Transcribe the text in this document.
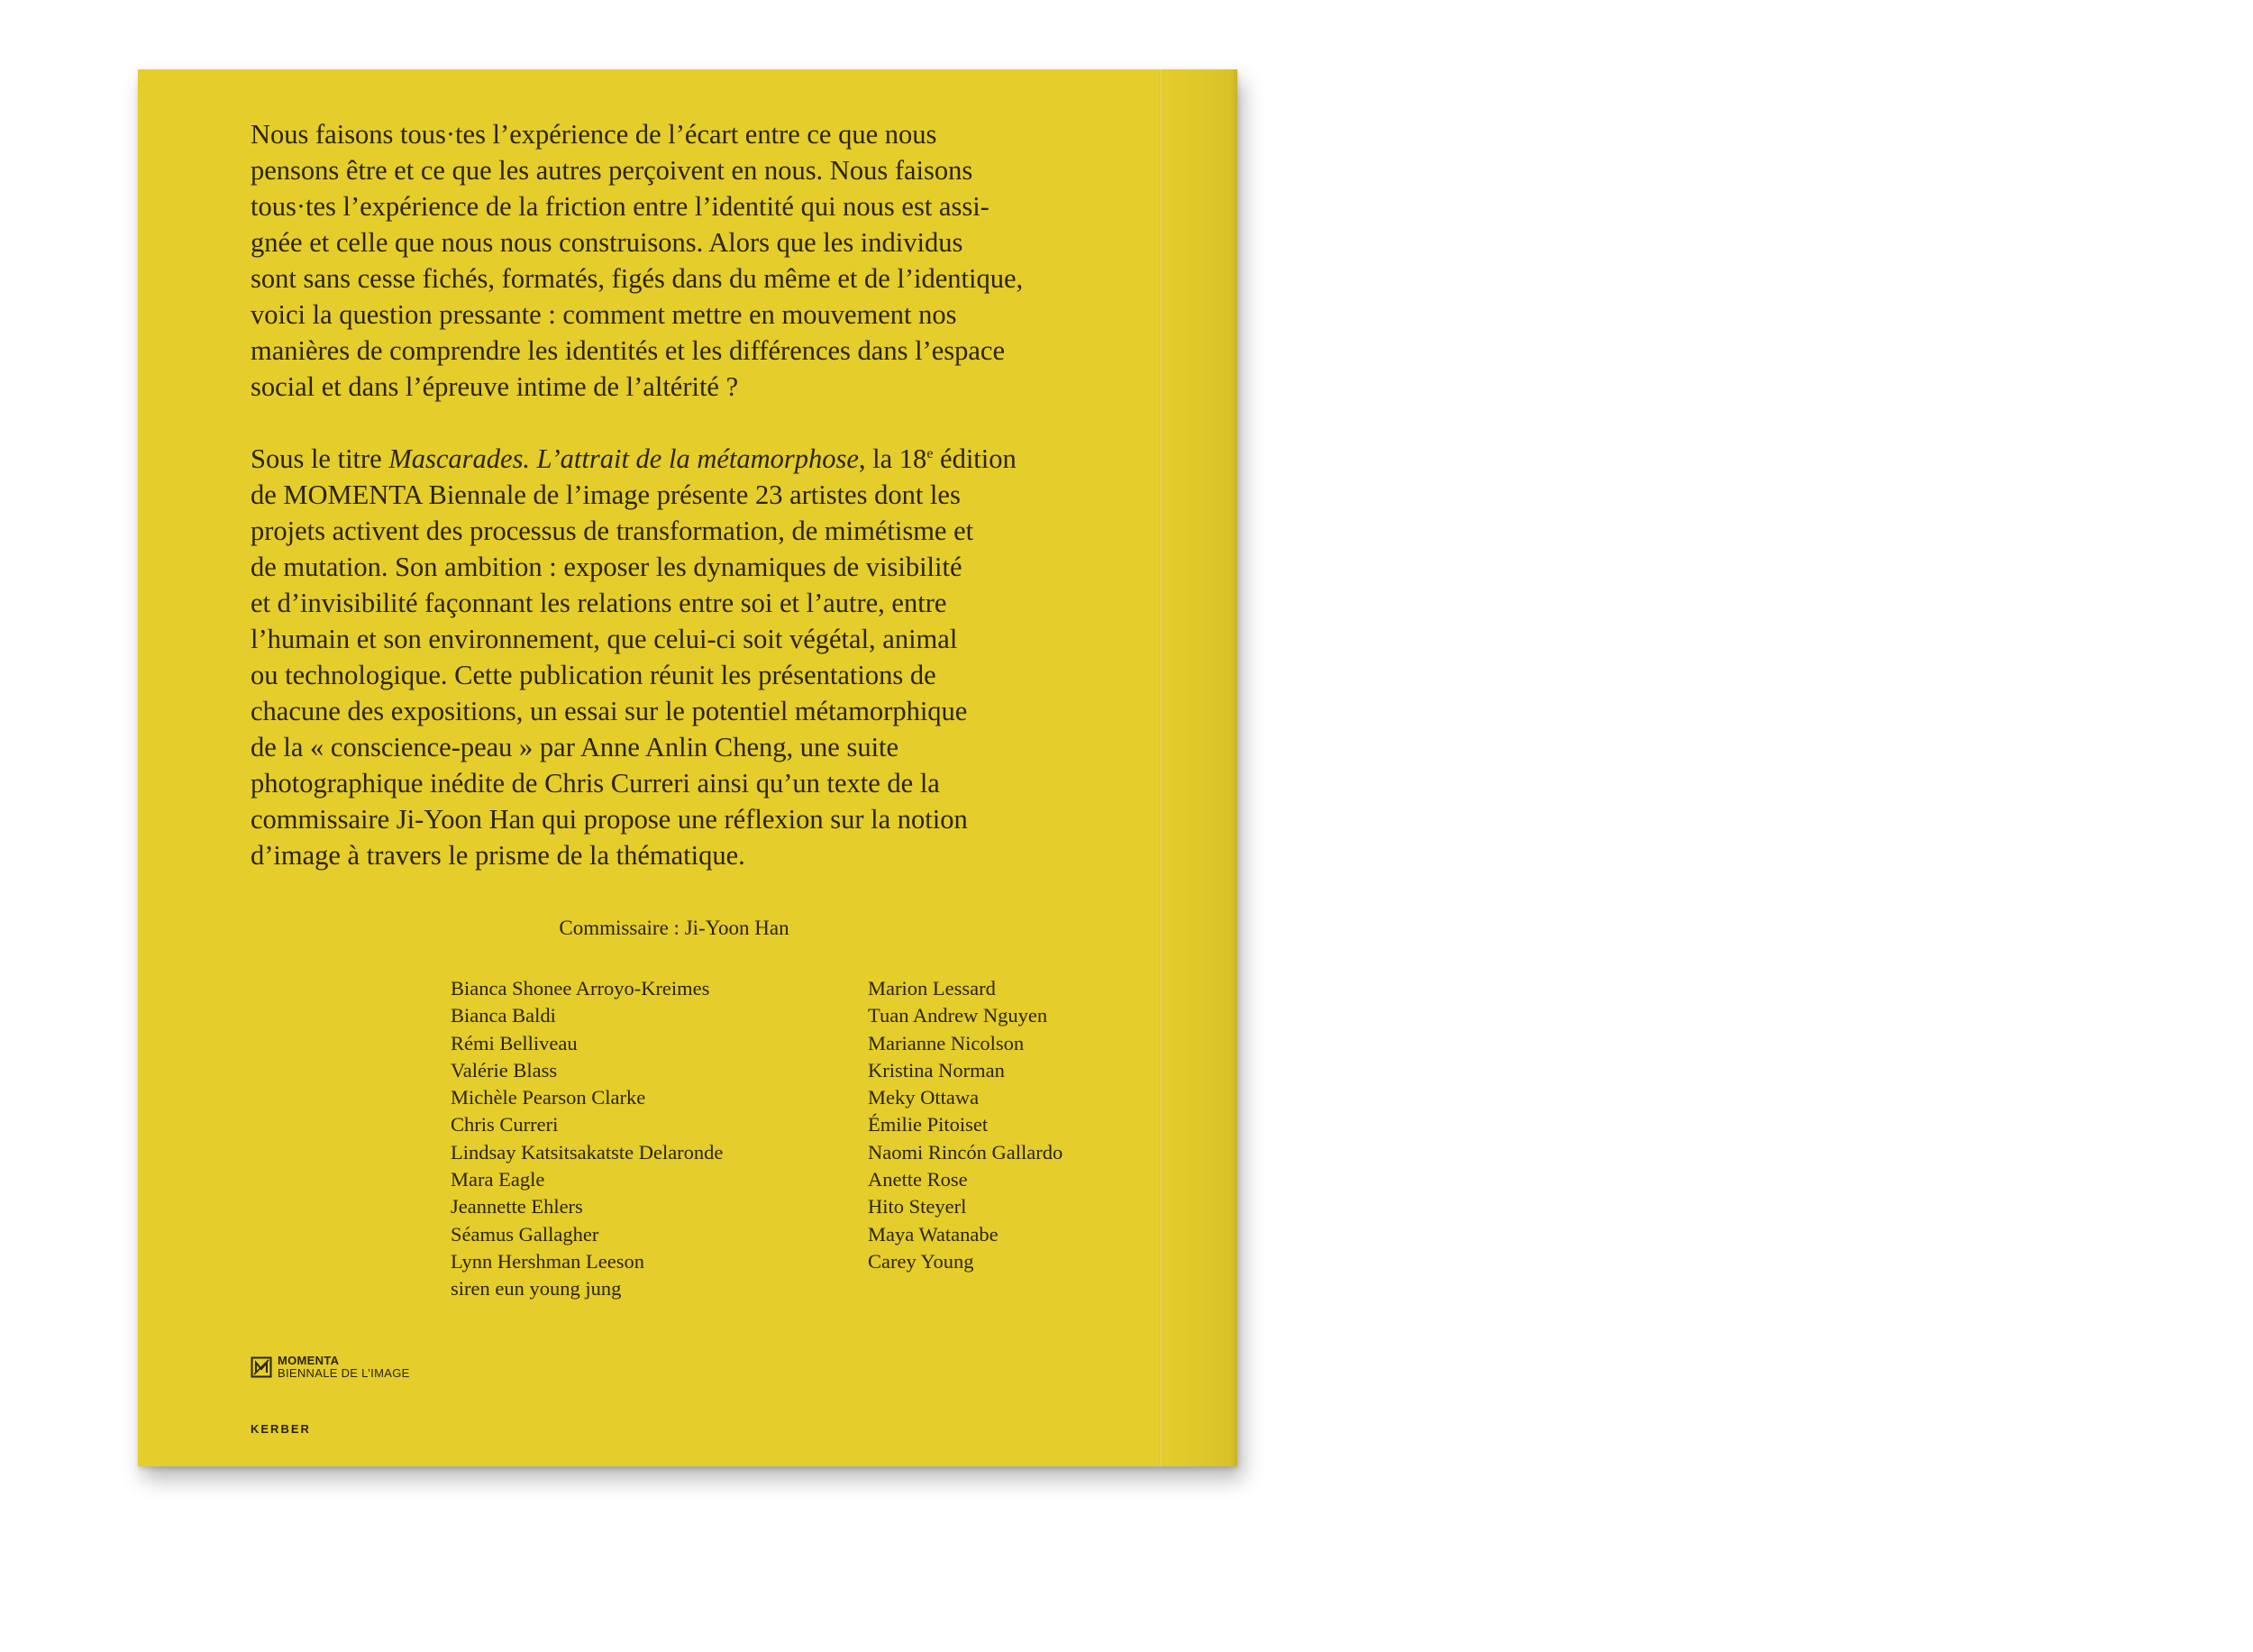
Nous faisons tous·tes l’expérience de l’écart entre ce que nous
pensons être et ce que les autres perçoivent en nous. Nous faisons
tous·tes l’expérience de la friction entre l’identité qui nous est assi-
gnée et celle que nous nous construisons. Alors que les individus
sont sans cesse fichés, formatés, figés dans du même et de l’identique,
voici la question pressante : comment mettre en mouvement nos
manières de comprendre les identités et les différences dans l’espace
social et dans l’épreuve intime de l’altérité ?

Sous le titre Mascarades. L’attrait de la métamorphose, la 18e édition
de MOMENTA Biennale de l’image présente 23 artistes dont les
projets activent des processus de transformation, de mimétisme et
de mutation. Son ambition : exposer les dynamiques de visibilité
et d’invisibilité façonnant les relations entre soi et l’autre, entre
l’humain et son environnement, que celui-ci soit végétal, animal
ou technologique. Cette publication réunit les présentations de
chacune des expositions, un essai sur le potentiel métamorphique
de la « conscience-peau » par Anne Anlin Cheng, une suite
photographique inédite de Chris Curreri ainsi qu’un texte de la
commissaire Ji-Yoon Han qui propose une réflexion sur la notion
d’image à travers le prisme de la thématique.

Commissaire : Ji-Yoon Han
Bianca Shonee Arroyo-Kreimes
Bianca Baldi
Rémi Belliveau
Valérie Blass
Michèle Pearson Clarke
Chris Curreri
Lindsay Katsitsakatste Delaronde
Mara Eagle
Jeannette Ehlers
Séamus Gallagher
Lynn Hershman Leeson
siren eun young jung
Marion Lessard
Tuan Andrew Nguyen
Marianne Nicolson
Kristina Norman
Meky Ottawa
Émilie Pitoiset
Naomi Rincón Gallardo
Anette Rose
Hito Steyerl
Maya Watanabe
Carey Young
MOMENTA
BIENNALE DE L’IMAGE
KERBER
